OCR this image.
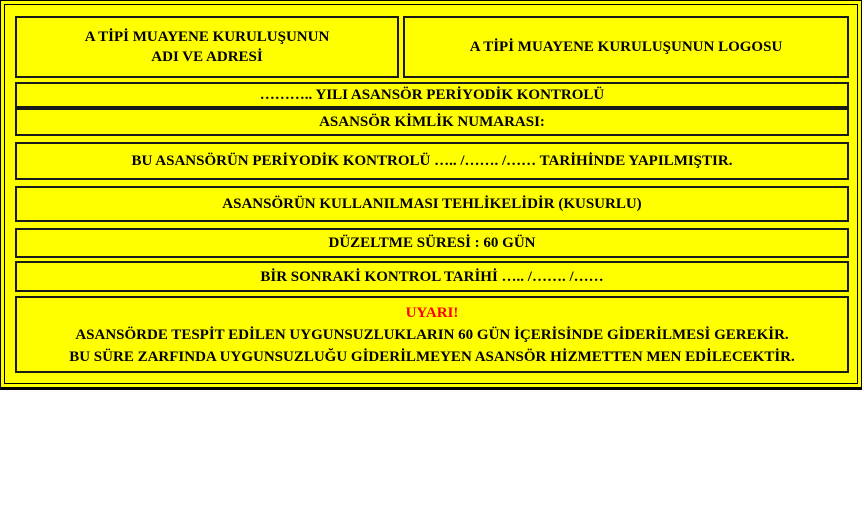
A TİPİ MUAYENE KURULUŞUNUN
ADI VE ADRESİ
A TİPİ MUAYENE KURULUŞUNUN LOGOSU
……….. YILI ASANSÖR PERİYODİK KONTROLÜ
ASANSÖR KİMLİK NUMARASI:
BU ASANSÖRÜN PERİYODİK KONTROLÜ ….. /……. /…… TARİHİNDE YAPILMIŞTIR.
ASANSÖRÜN KULLANILMASI TEHLİKELİDİR (KUSURLU)
DÜZELTME SÜRESİ : 60 GÜN
BİR SONRAKİ KONTROL TARİHİ ….. /……. /……
UYARI!
ASANSÖRDE TESPİT EDİLEN UYGUNSUZLUKLARIN 60 GÜN İÇERİSİNDE GİDERİLMESİ GEREKİR.
BU SÜRE ZARFINDA UYGUNSUZLUĞU GİDERİLMEYEN ASANSÖR HİZMETTEN MEN EDİLECEKTİR.
